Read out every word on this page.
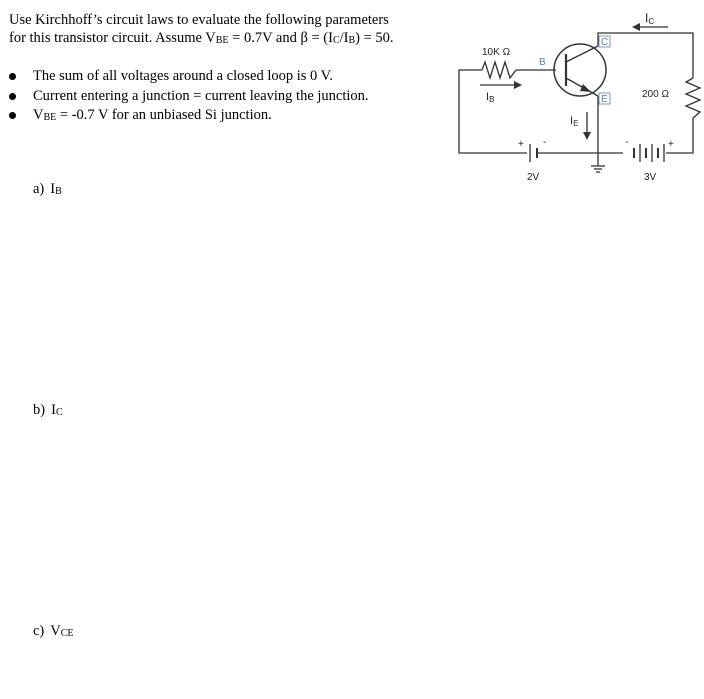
Use Kirchhoff’s circuit laws to evaluate the following parameters

for this transistor circuit. Assume $V_{BE} = 0.7V$ and $\beta = (I_C/I_B) = 50$.

The sum of all voltages around a closed loop is 0 V.
Current entering a junction = current leaving the junction.
$V_{BE} = -0.7$ V for an unbiased Si junction.
a) $I_B$
b) $I_C$
c) $V_{CE}$
10K Ω
200 Ω
2V	3V
B
C
E
IC
IB
IE
+ -	-	+
